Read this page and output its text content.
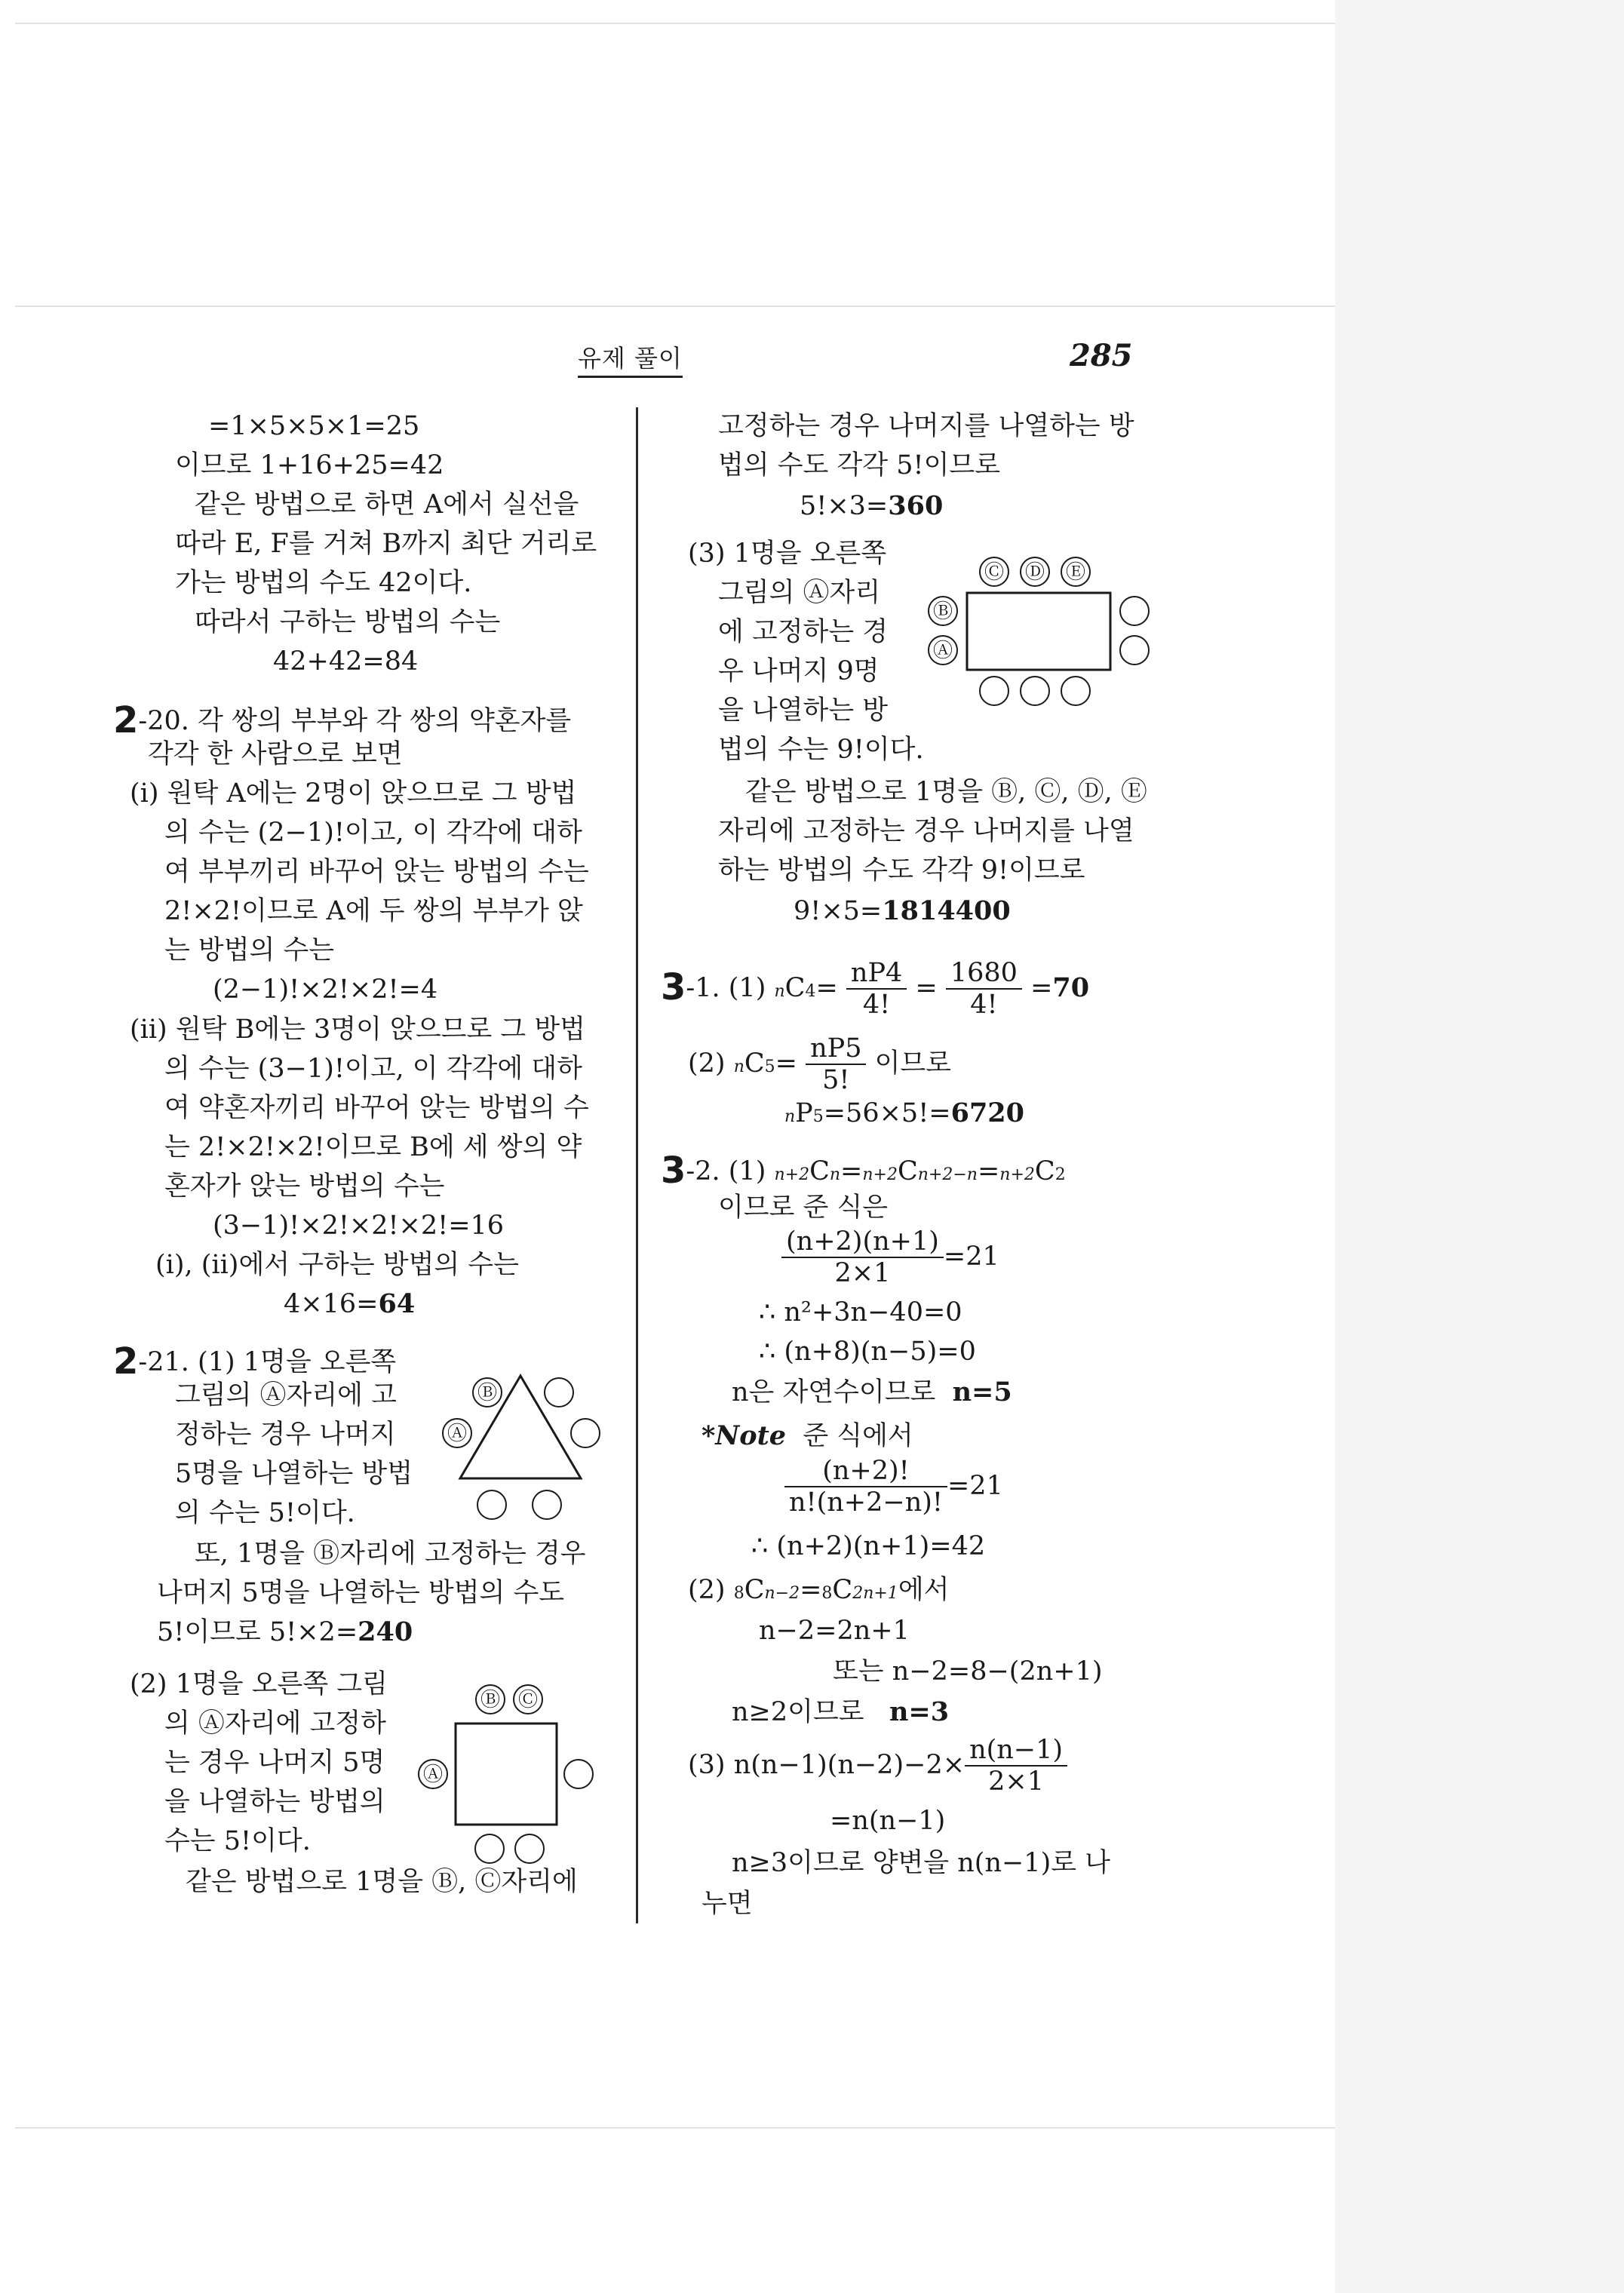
유제 풀이	285
=1×5×5×1=25
이므로 1+16+25=42
같은 방법으로 하면 A에서 실선을
따라 E, F를 거쳐 B까지 최단 거리로
가는 방법의 수도 42이다.
따라서 구하는 방법의 수는
42+42=84
2-20. 각 쌍의 부부와 각 쌍의 약혼자를
각각 한 사람으로 보면
(i) 원탁 A에는 2명이 앉으므로 그 방법
의 수는 (2−1)!이고, 이 각각에 대하
여 부부끼리 바꾸어 앉는 방법의 수는
2!×2!이므로 A에 두 쌍의 부부가 앉
는 방법의 수는
(2−1)!×2!×2!=4
(ii) 원탁 B에는 3명이 앉으므로 그 방법
의 수는 (3−1)!이고, 이 각각에 대하
여 약혼자끼리 바꾸어 앉는 방법의 수
는 2!×2!×2!이므로 B에 세 쌍의 약
혼자가 앉는 방법의 수는
(3−1)!×2!×2!×2!=16
(i), (ii)에서 구하는 방법의 수는
4×16=64
2-21. (1) 1명을 오른쪽
그림의 Ⓐ자리에 고
정하는 경우 나머지
5명을 나열하는 방법
의 수는 5!이다.
또, 1명을 Ⓑ자리에 고정하는 경우
나머지 5명을 나열하는 방법의 수도
5!이므로 5!×2=240
(2) 1명을 오른쪽 그림
의 Ⓐ자리에 고정하
는 경우 나머지 5명
을 나열하는 방법의
수는 5!이다.
같은 방법으로 1명을 Ⓑ, Ⓒ자리에
Ⓑ
Ⓐ
Ⓑ Ⓒ
Ⓐ
고정하는 경우 나머지를 나열하는 방
법의 수도 각각 5!이므로
5!×3=360
(3) 1명을 오른쪽
그림의 Ⓐ자리
에 고정하는 경
우 나머지 9명
을 나열하는 방
법의 수는 9!이다.
같은 방법으로 1명을 Ⓑ, Ⓒ, Ⓓ, Ⓔ
자리에 고정하는 경우 나머지를 나열
하는 방법의 수도 각각 9!이므로
9!×5=1814400
Ⓒ Ⓓ Ⓔ
Ⓑ
Ⓐ
3-1. (1) $nC4= \frac{nP4}{4!} = \frac{1680}{4!} =70$
(2) $nC5= \frac{nP5}{5!}$ 이므로
nP5=56×5!=6720
3-2. (1) n+2Cn=n+2Cn+2−n=n+2C2
이므로 준 식은
$\frac{(n+2)(n+1)}{2\times 1} =21$
∴ n²+3n−40=0
∴ (n+8)(n−5)=0
n은 자연수이므로 n=5
*Note 준 식에서
$\frac{(n+2)!}{n!(n+2-n)!} =21$
∴ (n+2)(n+1)=42
(2) 8Cn−2=8C2n+1에서
n−2=2n+1
또는 n−2=8−(2n+1)
n≥2이므로 n=3
(3) $n(n-1)(n-2)-2\times \frac{n(n-1)}{2\times 1}$
=n(n−1)
n≥3이므로 양변을 n(n−1)로 나
누면
